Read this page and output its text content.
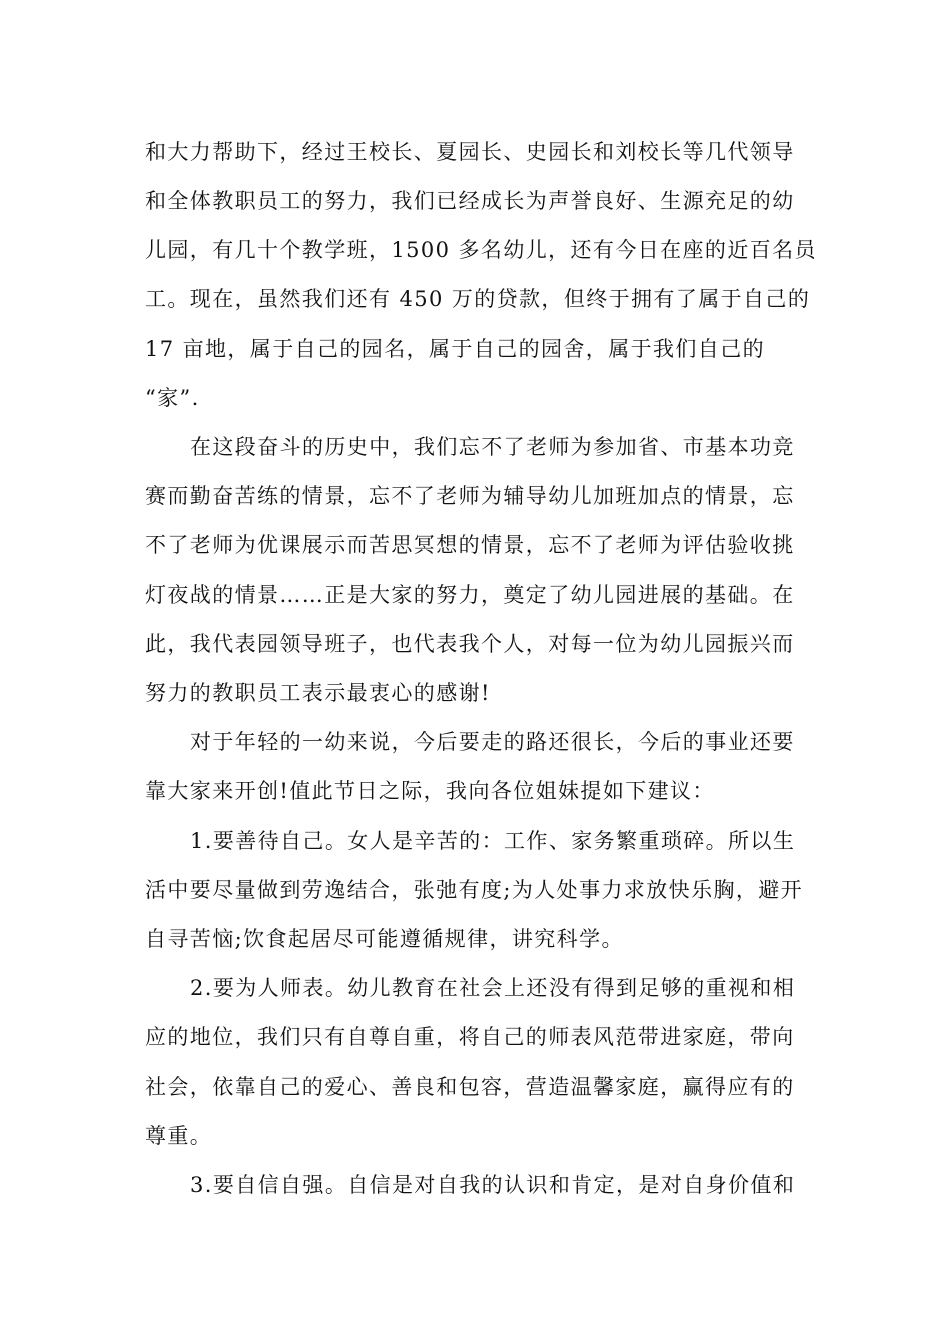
和大力帮助下，经过王校长、夏园长、史园长和刘校长等几代领导
和全体教职员工的努力，我们已经成长为声誉良好、生源充足的幼
儿园，有几十个教学班，1500 多名幼儿，还有今日在座的近百名员
工。现在，虽然我们还有 450 万的贷款，但终于拥有了属于自己的
17 亩地，属于自己的园名，属于自己的园舍，属于我们自己的
“家”.
在这段奋斗的历史中，我们忘不了老师为参加省、市基本功竞
赛而勤奋苦练的情景，忘不了老师为辅导幼儿加班加点的情景，忘
不了老师为优课展示而苦思冥想的情景，忘不了老师为评估验收挑
灯夜战的情景……正是大家的努力，奠定了幼儿园进展的基础。在
此，我代表园领导班子，也代表我个人，对每一位为幼儿园振兴而
努力的教职员工表示最衷心的感谢!
对于年轻的一幼来说，今后要走的路还很长，今后的事业还要
靠大家来开创!值此节日之际，我向各位姐妹提如下建议：
1.要善待自己。女人是辛苦的：工作、家务繁重琐碎。所以生
活中要尽量做到劳逸结合，张弛有度;为人处事力求放快乐胸，避开
自寻苦恼;饮食起居尽可能遵循规律，讲究科学。
2.要为人师表。幼儿教育在社会上还没有得到足够的重视和相
应的地位，我们只有自尊自重，将自己的师表风范带进家庭，带向
社会，依靠自己的爱心、善良和包容，营造温馨家庭，赢得应有的
尊重。
3.要自信自强。自信是对自我的认识和肯定，是对自身价值和
